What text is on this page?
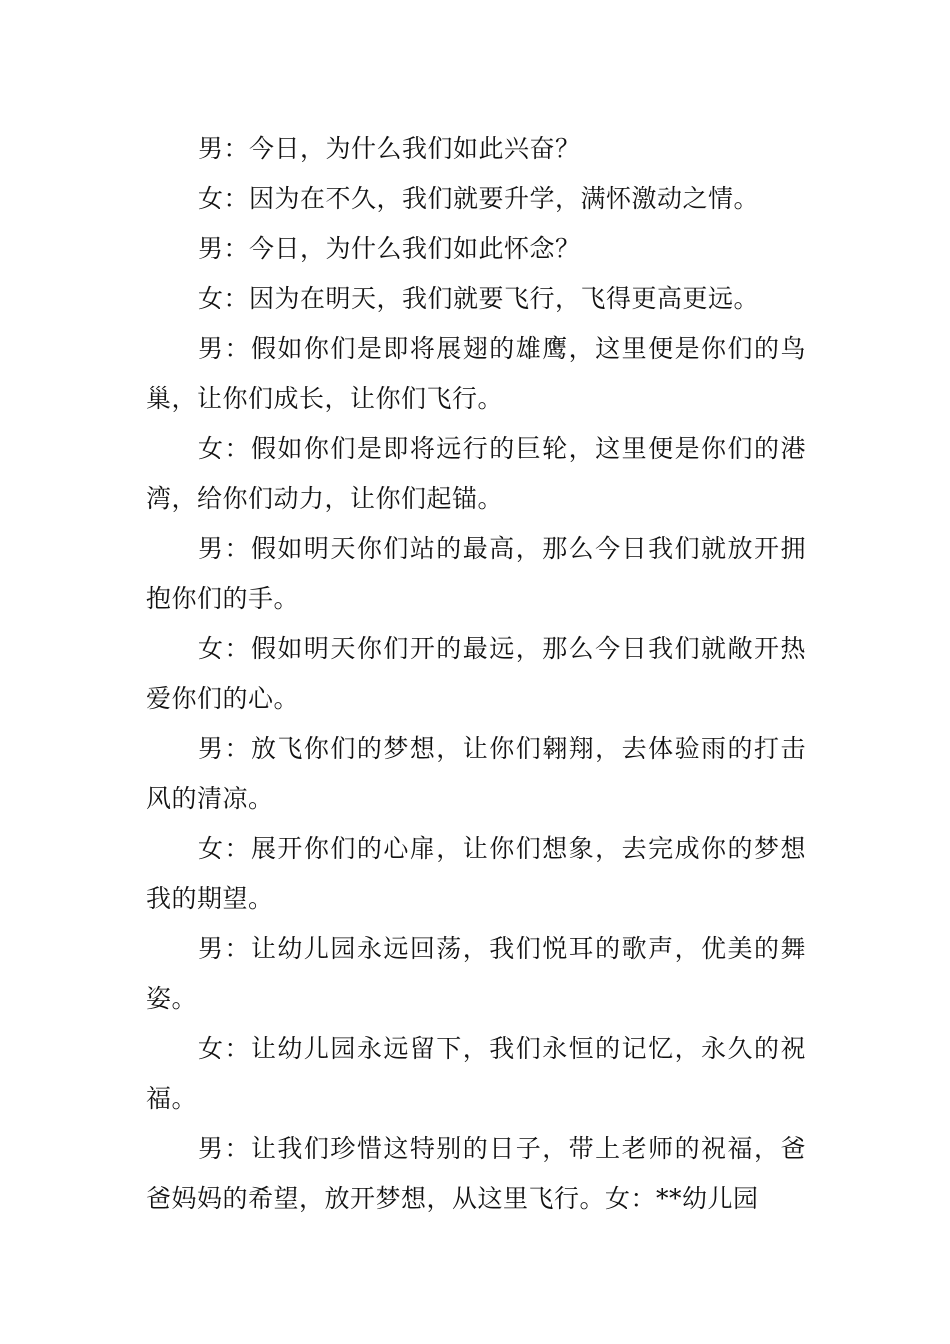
男：今日，为什么我们如此兴奋？

女：因为在不久，我们就要升学，满怀激动之情。

男：今日，为什么我们如此怀念？

女：因为在明天，我们就要飞行，飞得更高更远。

男：假如你们是即将展翅的雄鹰，这里便是你们的鸟巢，让你们成长，让你们飞行。

女：假如你们是即将远行的巨轮，这里便是你们的港湾，给你们动力，让你们起锚。

男：假如明天你们站的最高，那么今日我们就放开拥抱你们的手。

女：假如明天你们开的最远，那么今日我们就敞开热爱你们的心。

男：放飞你们的梦想，让你们翱翔，去体验雨的打击风的清凉。

女：展开你们的心扉，让你们想象，去完成你的梦想我的期望。

男：让幼儿园永远回荡，我们悦耳的歌声，优美的舞姿。

女：让幼儿园永远留下，我们永恒的记忆，永久的祝福。

男：让我们珍惜这特别的日子，带上老师的祝福，爸爸妈妈的希望，放开梦想，从这里飞行。女：**幼儿园
